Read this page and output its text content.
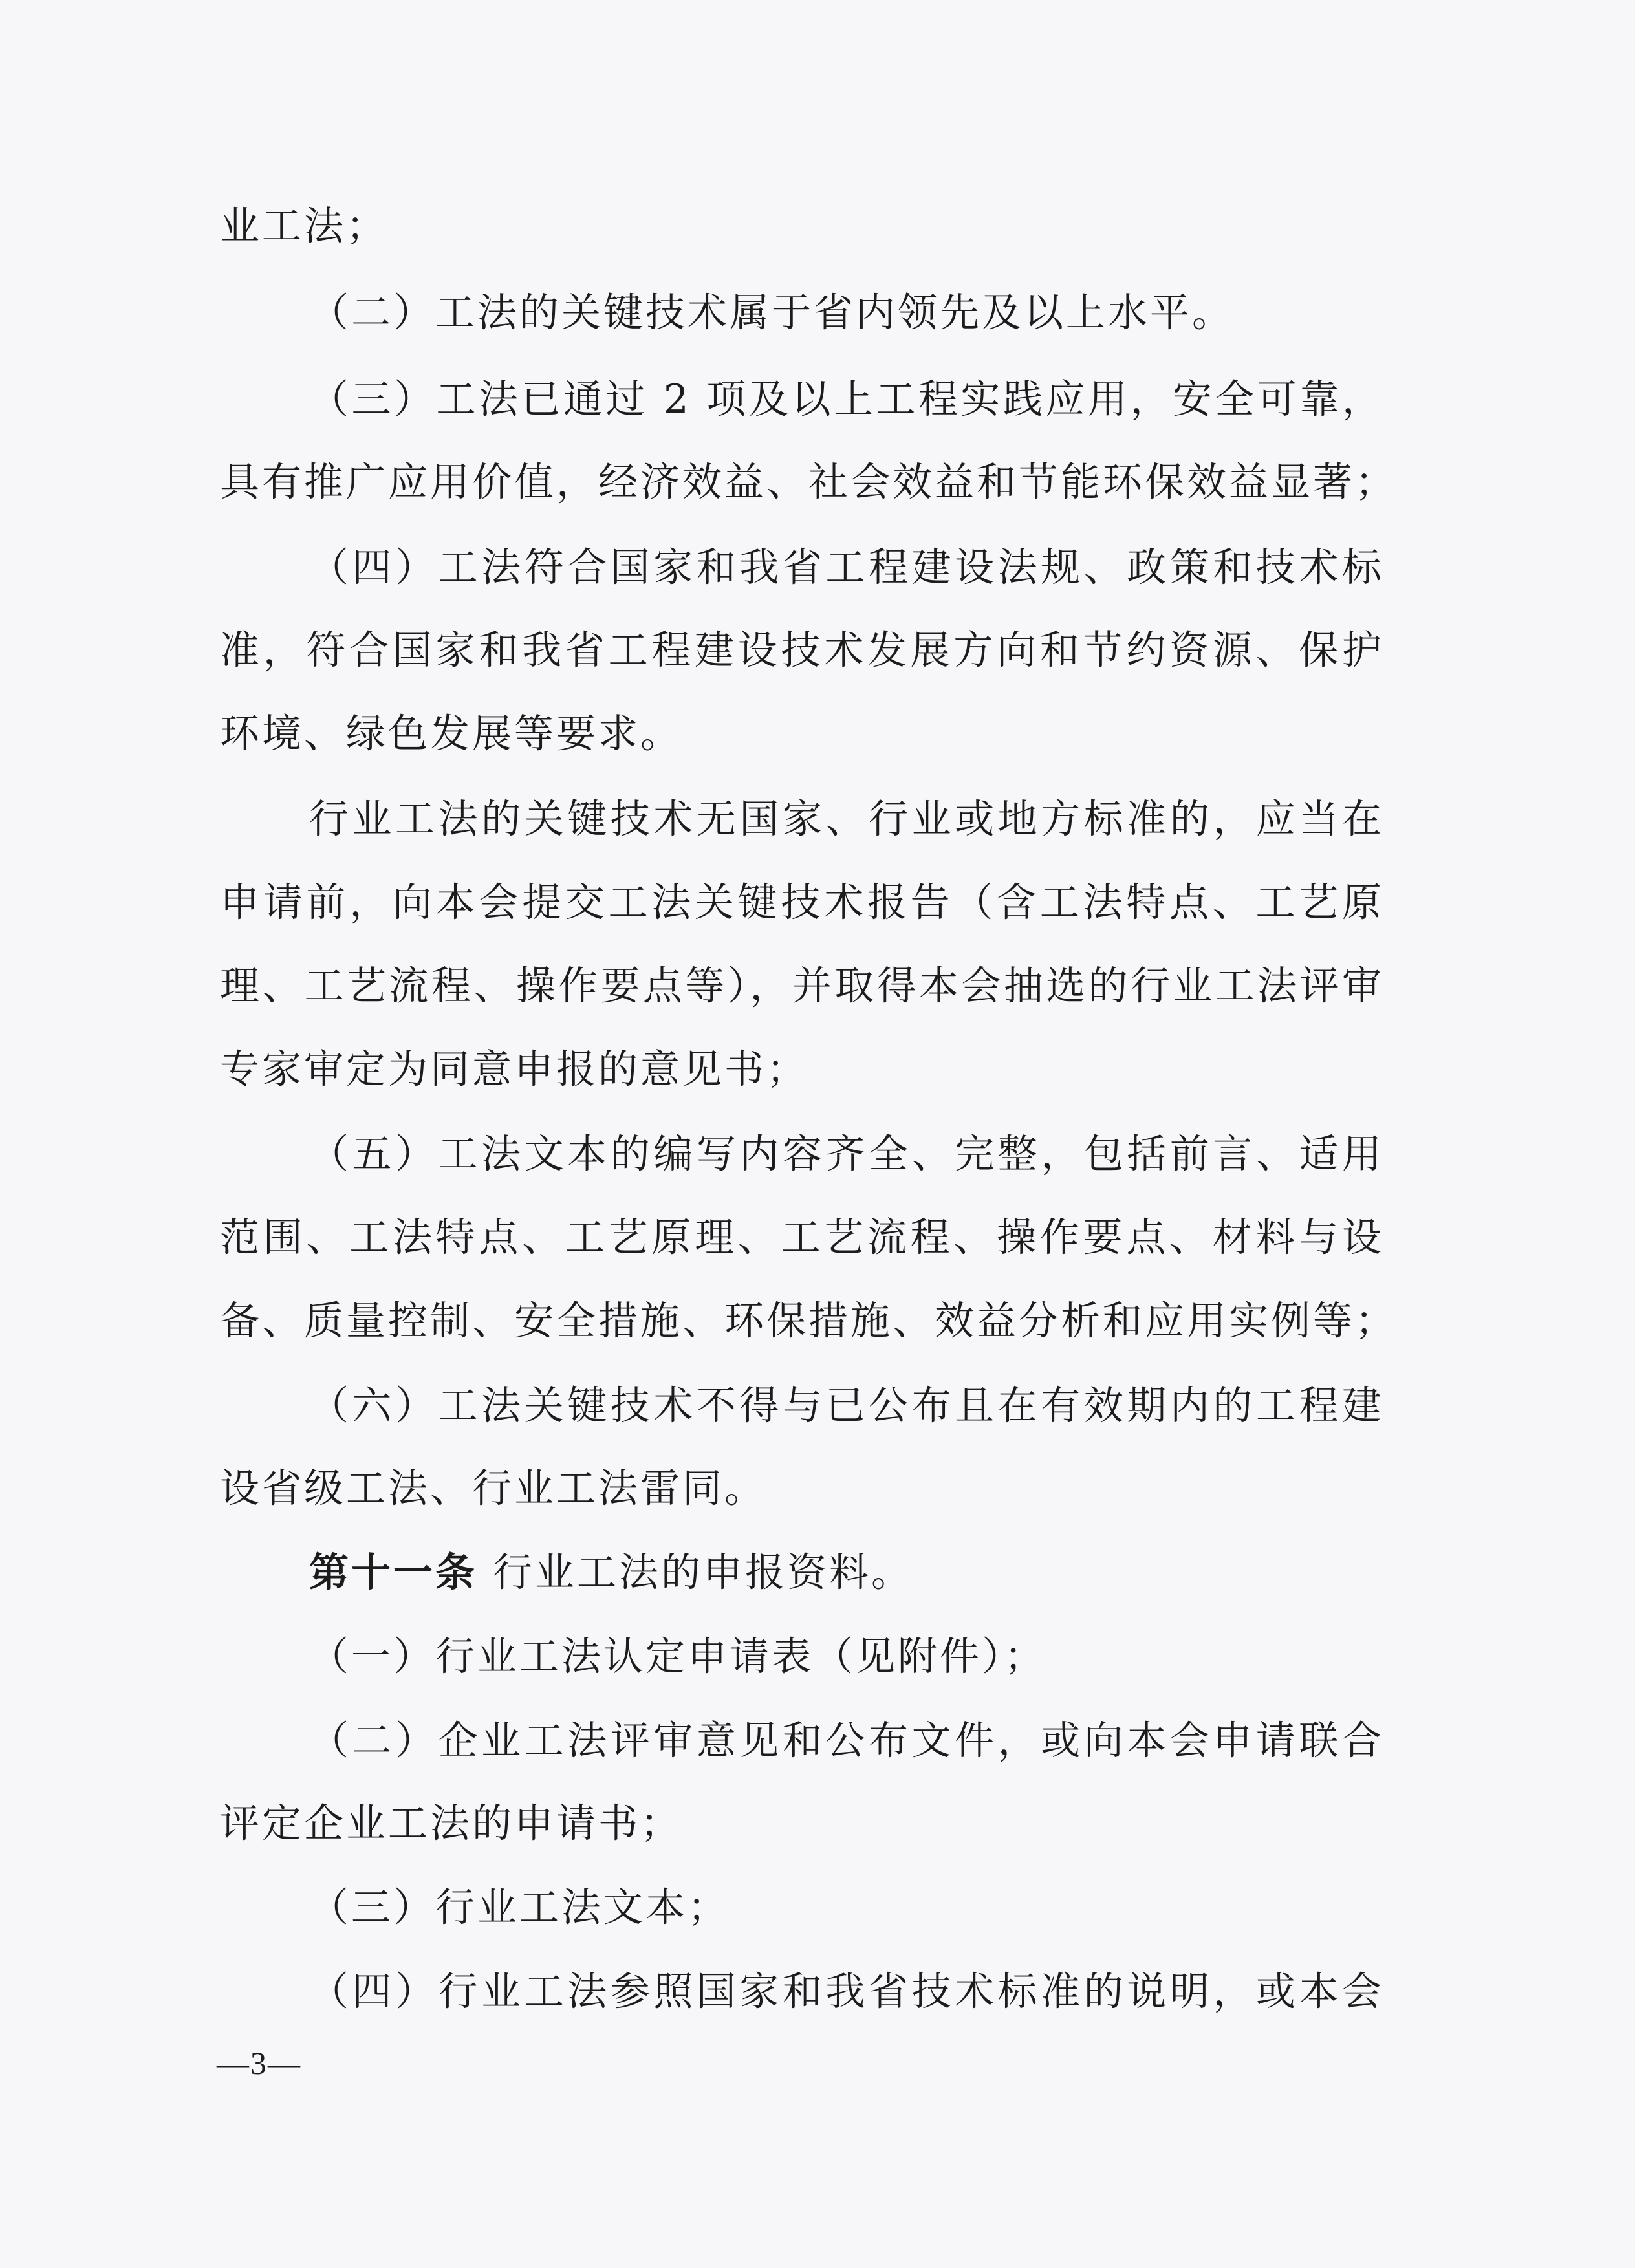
业工法；
（二）工法的关键技术属于省内领先及以上水平。
（三）工法已通过 2 项及以上工程实践应用，安全可靠，
具有推广应用价值，经济效益、社会效益和节能环保效益显著；
（四）工法符合国家和我省工程建设法规、政策和技术标
准，符合国家和我省工程建设技术发展方向和节约资源、保护
环境、绿色发展等要求。
行业工法的关键技术无国家、行业或地方标准的，应当在
申请前，向本会提交工法关键技术报告（含工法特点、工艺原
理、工艺流程、操作要点等），并取得本会抽选的行业工法评审
专家审定为同意申报的意见书；
（五）工法文本的编写内容齐全、完整，包括前言、适用
范围、工法特点、工艺原理、工艺流程、操作要点、材料与设
备、质量控制、安全措施、环保措施、效益分析和应用实例等；
（六）工法关键技术不得与已公布且在有效期内的工程建
设省级工法、行业工法雷同。
第十一条 行业工法的申报资料。
（一）行业工法认定申请表（见附件）；
（二）企业工法评审意见和公布文件，或向本会申请联合
评定企业工法的申请书；
（三）行业工法文本；
（四）行业工法参照国家和我省技术标准的说明，或本会
—3—
